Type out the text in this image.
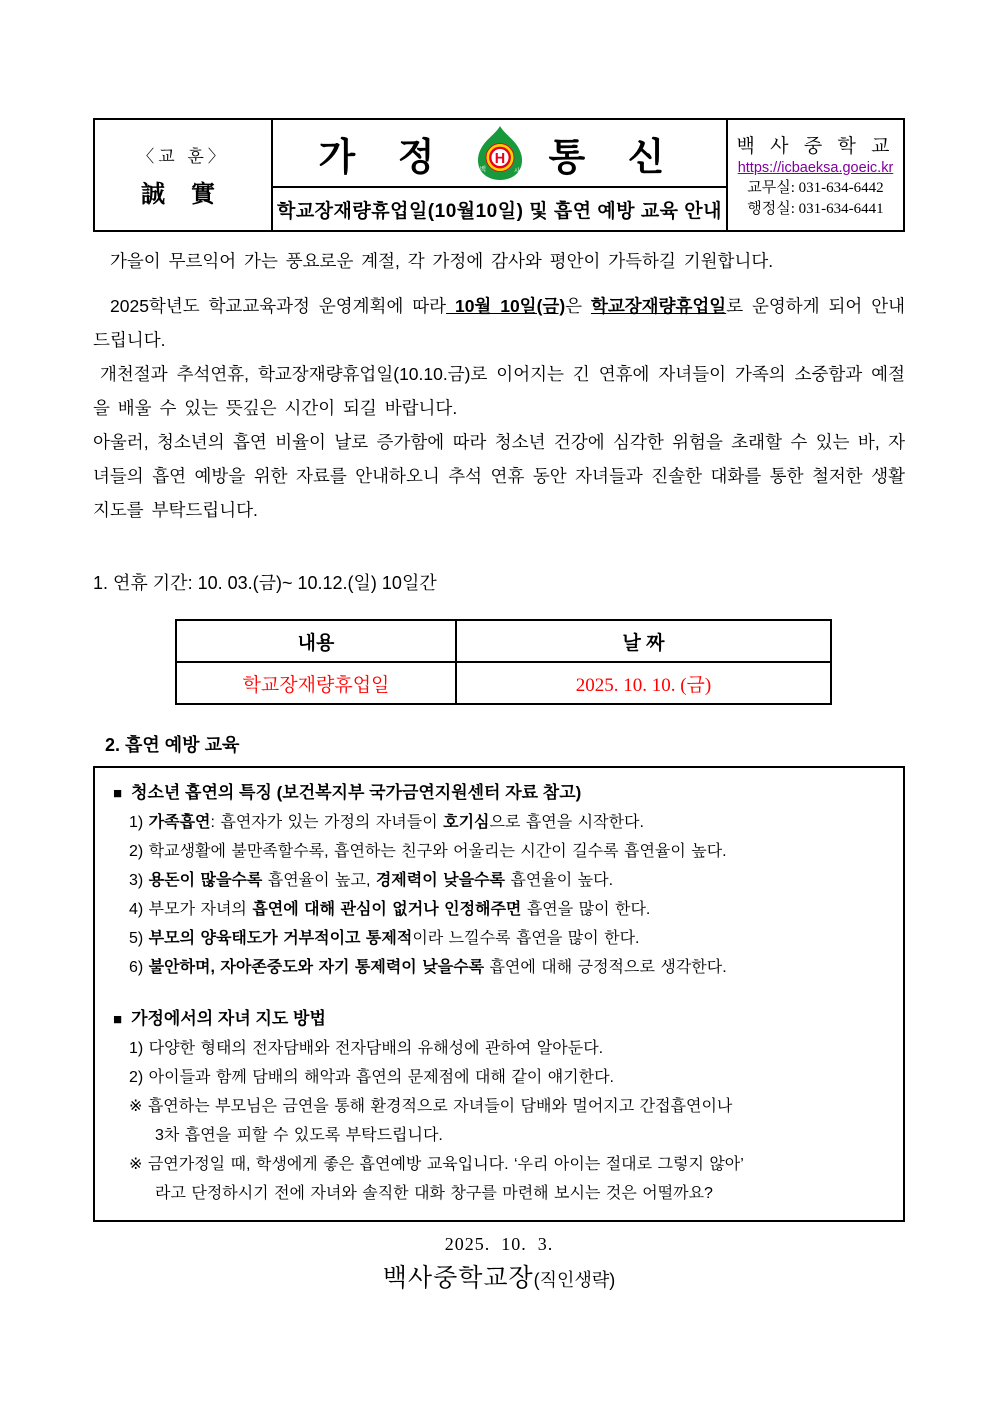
〈교 훈〉
誠 實
가 정	H
백	사 통 신
학교장재량휴업일(10월10일) 및 흡연 예방 교육 안내
백 사 중 학 교
https://icbaeksa.goeic.kr
교무실: 031-634-6442
행정실: 031-634-6441

가을이 무르익어 가는 풍요로운 계절, 각 가정에 감사와 평안이 가득하길 기원합니다.

2025학년도 학교교육과정 운영계획에 따라 10월 10일(금)은 학교장재량휴업일로 운영하게 되어 안내드립니다.

개천절과 추석연휴, 학교장재량휴업일(10.10.금)로 이어지는 긴 연휴에 자녀들이 가족의 소중함과 예절을 배울 수 있는 뜻깊은 시간이 되길 바랍니다.

아울러, 청소년의 흡연 비율이 날로 증가함에 따라 청소년 건강에 심각한 위험을 초래할 수 있는 바, 자녀들의 흡연 예방을 위한 자료를 안내하오니 추석 연휴 동안 자녀들과 진솔한 대화를 통한 철저한 생활지도를 부탁드립니다.

1. 연휴 기간: 10. 03.(금)~ 10.12.(일) 10일간
내용	날 짜
학교장재량휴업일	2025. 10. 10. (금)
2. 흡연 예방 교육
■ 청소년 흡연의 특징 (보건복지부 국가금연지원센터 자료 참고)
1) 가족흡연: 흡연자가 있는 가정의 자녀들이 호기심으로 흡연을 시작한다.
2) 학교생활에 불만족할수록, 흡연하는 친구와 어울리는 시간이 길수록 흡연율이 높다.
3) 용돈이 많을수록 흡연율이 높고, 경제력이 낮을수록 흡연율이 높다.
4) 부모가 자녀의 흡연에 대해 관심이 없거나 인정해주면 흡연을 많이 한다.
5) 부모의 양육태도가 거부적이고 통제적이라 느낄수록 흡연을 많이 한다.
6) 불안하며, 자아존중도와 자기 통제력이 낮을수록 흡연에 대해 긍정적으로 생각한다.
■ 가정에서의 자녀 지도 방법
1) 다양한 형태의 전자담배와 전자담배의 유해성에 관하여 알아둔다.
2) 아이들과 함께 담배의 해악과 흡연의 문제점에 대해 같이 얘기한다.
※ 흡연하는 부모님은 금연을 통해 환경적으로 자녀들이 담배와 멀어지고 간접흡연이나
3차 흡연을 피할 수 있도록 부탁드립니다.
※ 금연가정일 때, 학생에게 좋은 흡연예방 교육입니다. ‘우리 아이는 절대로 그렇지 않아’
라고 단정하시기 전에 자녀와 솔직한 대화 창구를 마련해 보시는 것은 어떨까요?
2025.  10.  3.
백사중학교장(직인생략)
